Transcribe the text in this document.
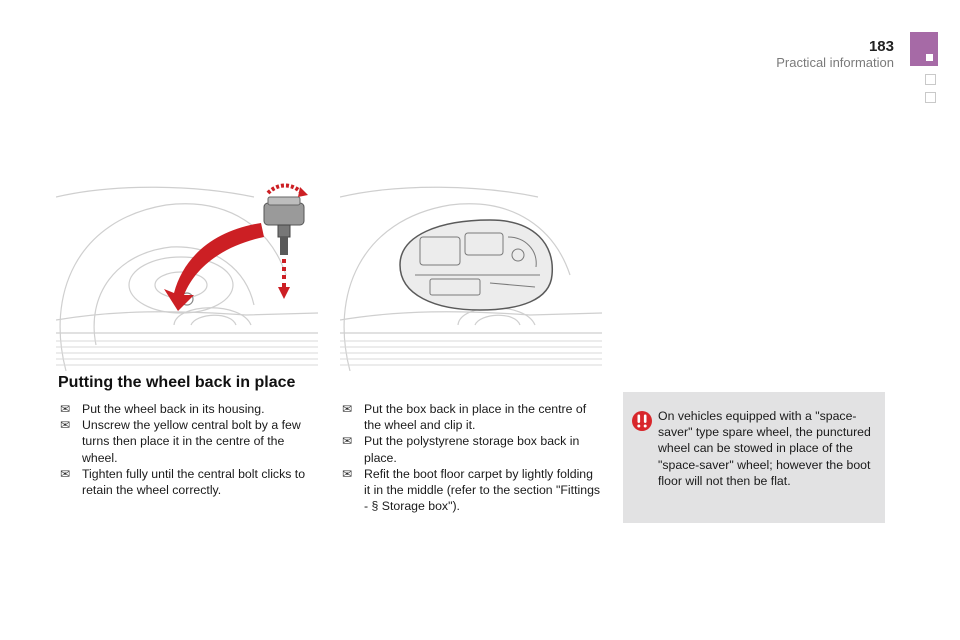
183
Practical information
Putting the wheel back in place
✉ Put the wheel back in its housing.
✉ Unscrew the yellow central bolt by a few turns then place it in the centre of the wheel.
✉ Tighten fully until the central bolt clicks to retain the wheel correctly.
✉ Put the box back in place in the centre of the wheel and clip it.
✉ Put the polystyrene storage box back in place.
✉ Refit the boot floor carpet by lightly folding it in the middle (refer to the section "Fittings - § Storage box").

On vehicles equipped with a "space-saver" type spare wheel, the punctured wheel can be stowed in place of the "space-saver" wheel; however the boot floor will not then be flat.
